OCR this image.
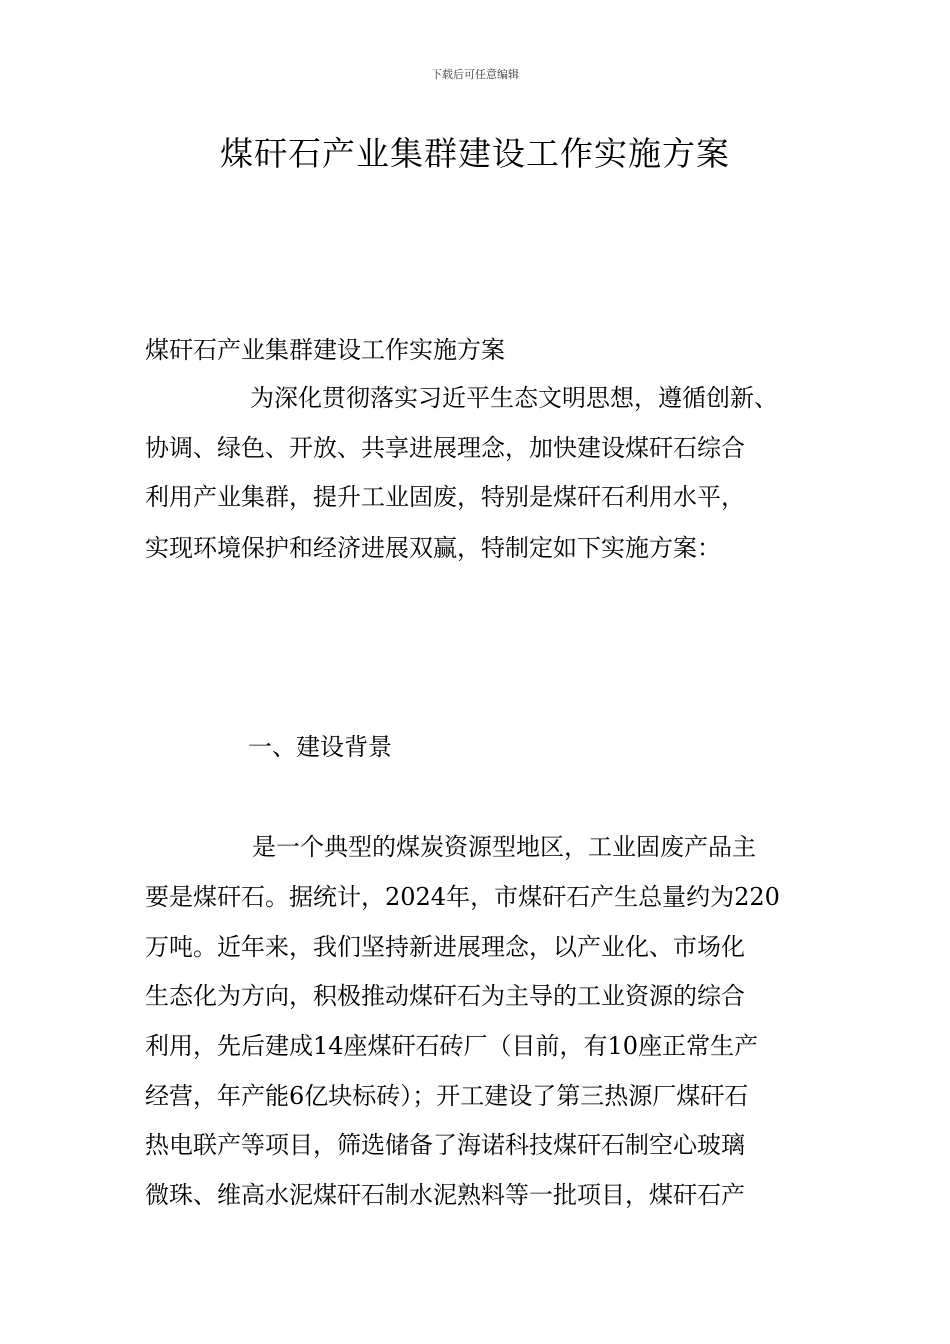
下载后可任意编辑
煤矸石产业集群建设工作实施方案
煤矸石产业集群建设工作实施方案
为深化贯彻落实习近平生态文明思想，遵循创新、
协调、绿色、开放、共享进展理念，加快建设煤矸石综合
利用产业集群，提升工业固废，特别是煤矸石利用水平，
实现环境保护和经济进展双赢，特制定如下实施方案：
一、建设背景
是一个典型的煤炭资源型地区，工业固废产品主
要是煤矸石。据统计，2024年，市煤矸石产生总量约为220
万吨。近年来，我们坚持新进展理念，以产业化、市场化
生态化为方向，积极推动煤矸石为主导的工业资源的综合
利用，先后建成14座煤矸石砖厂（目前，有10座正常生产
经营，年产能6亿块标砖）；开工建设了第三热源厂煤矸石
热电联产等项目，筛选储备了海诺科技煤矸石制空心玻璃
微珠、维高水泥煤矸石制水泥熟料等一批项目，煤矸石产
